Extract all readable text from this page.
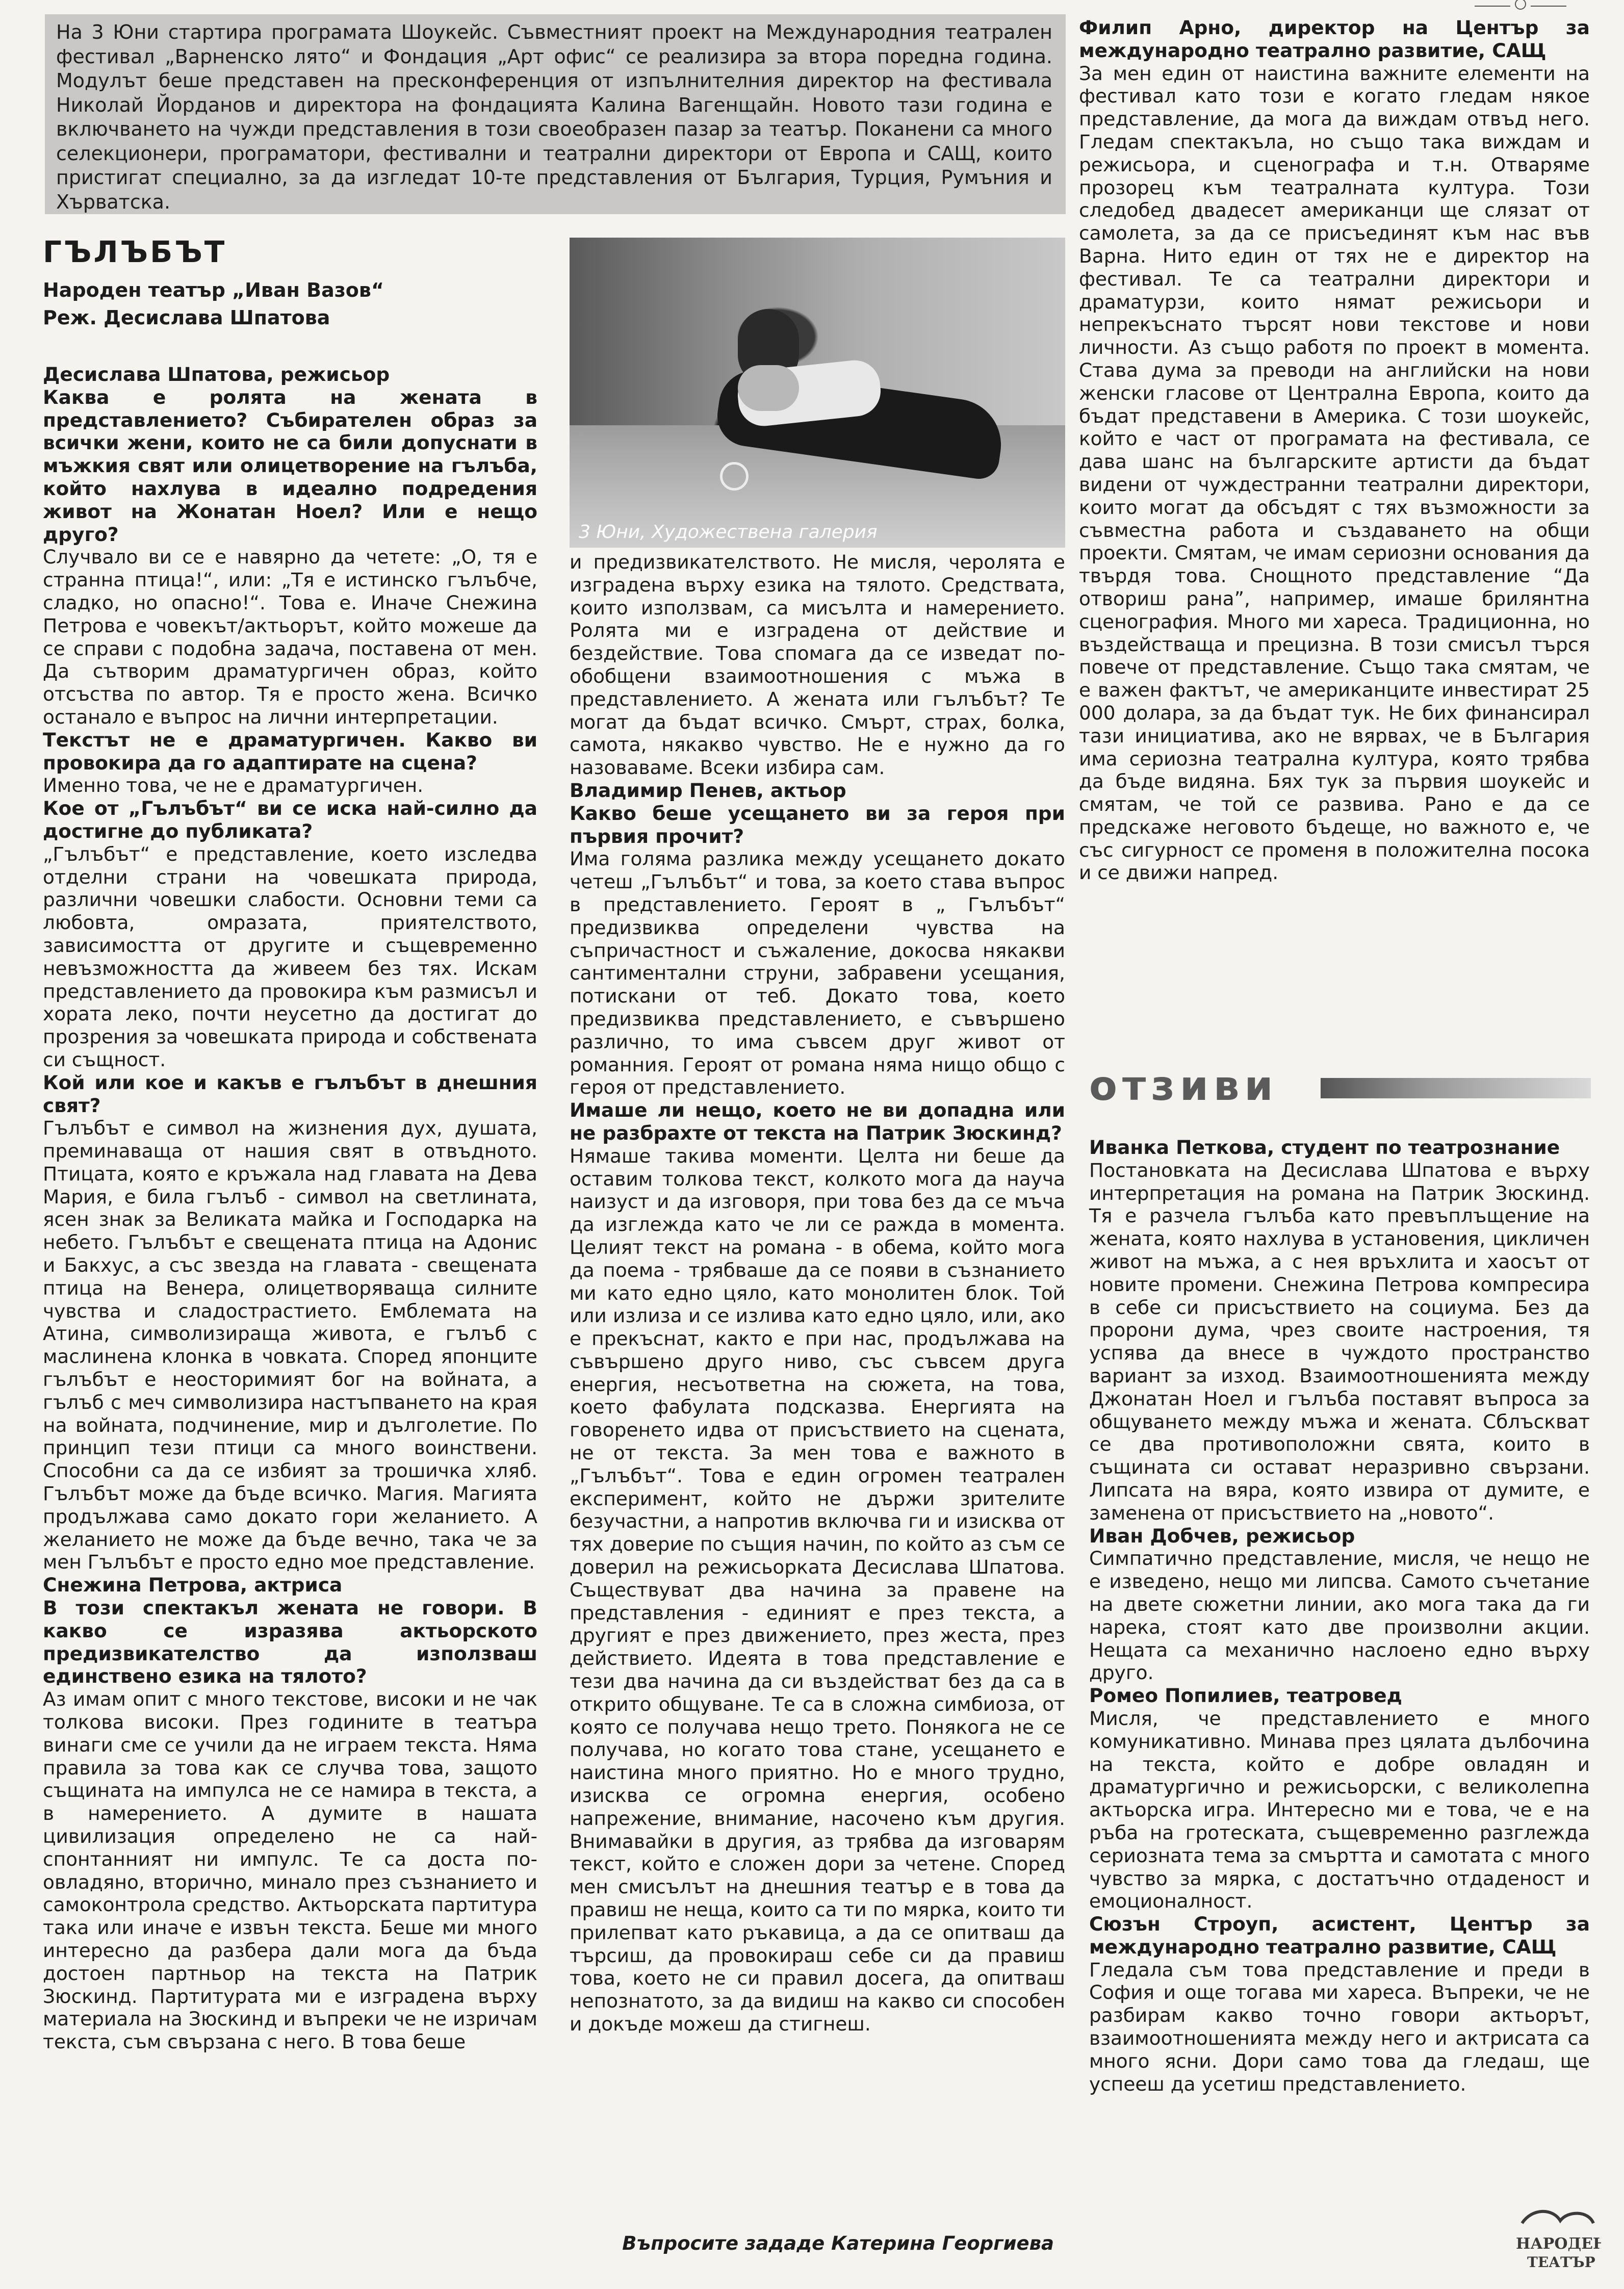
На 3 Юни стартира програмата Шоукейс. Съвместният проект на Международния театрален фестивал „Варненско лято“ и Фондация „Арт офис“ се реализира за втора поредна година. Модулът беше представен на пресконференция от изпълнителния директор на фестивала Николай Йорданов и директора на фондацията Калина Вагенщайн. Новото тази година е включването на чужди представления в този своеобразен пазар за театър. Поканени са много селекционери, програматори, фестивални и театрални директори от Европа и САЩ, които пристигат специално, за да изгледат 10-те представления от България, Турция, Румъния и Хърватска.

ГЪЛЪБЪТ
Народен театър „Иван Вазов“
Реж. Десислава Шпатова
3 Юни, Художествена галерия

Десислава Шпатова, режисьор

Каква е ролята на жената в представлението? Събирателен образ за всички жени, които не са били допуснати в мъжкия свят или олицетворение на гълъба, който нахлува в идеално подредения живот на Жонатан Ноел? Или е нещо друго?

Случвало ви се е навярно да четете: „О, тя е странна птица!“, или: „Тя е истинско гълъбче, сладко, но опасно!“. Това е. Иначе Снежина Петрова е човекът/актьорът, който можеше да се справи с подобна задача, поставена от мен. Да сътворим драматургичен образ, който отсъства по автор. Тя е просто жена. Всичко останало е въпрос на лични интерпретации.

Текстът не е драматургичен. Какво ви провокира да го адаптирате на сцена?

Именно това, че не е драматургичен.

Кое от „Гълъбът“ ви се иска най-силно да достигне до публиката?

„Гълъбът“ е представление, което изследва отделни страни на човешката природа, различни човешки слабости. Основни теми са любовта, омразата, приятелството, зависимостта от другите и същевременно невъзможността да живеем без тях. Искам представлението да провокира към размисъл и хората леко, почти неусетно да достигат до прозрения за човешката природа и собствената си същност.

Кой или кое и какъв е гълъбът в днешния свят?

Гълъбът е символ на жизнения дух, душата, преминаваща от нашия свят в отвъдното. Птицата, която е кръжала над главата на Дева Мария, е била гълъб - символ на светлината, ясен знак за Великата майка и Господарка на небето. Гълъбът е свещената птица на Адонис и Бакхус, а със звезда на главата - свещената птица на Венера, олицетворяваща силните чувства и сладострастието. Емблемата на Атина, символизираща живота, е гълъб с маслинена клонка в човката. Според японците гълъбът е неосторимият бог на войната, а гълъб с меч символизира настъпването на края на войната, подчинение, мир и дълголетие. По принцип тези птици са много воинствени. Способни са да се избият за трошичка хляб. Гълъбът може да бъде всичко. Магия. Магията продължава само докато гори желанието. А желанието не може да бъде вечно, така че за мен Гълъбът е просто едно мое представление.

Снежина Петрова, актриса

В този спектакъл жената не говори. В какво се изразява актьорското предизвикателство да използваш единствено езика на тялото?

Аз имам опит с много текстове, високи и не чак толкова високи. През годините в театъра винаги сме се учили да не играем текста. Няма правила за това как се случва това, защото същината на импулса не се намира в текста, а в намерението. А думите в нашата цивилизация определено не са най-спонтанният ни импулс. Те са доста по-овладяно, вторично, минало през съзнанието и самоконтрола средство. Актьорската партитура така или иначе е извън текста. Беше ми много интересно да разбера дали мога да бъда достоен партньор на текста на Патрик Зюскинд. Партитурата ми е изградена върху материала на Зюскинд и въпреки че не изричам текста, съм свързана с него. В това беше

и предизвикателството. Не мисля, черолята е изградена върху езика на тялото. Средствата, които използвам, са мисълта и намерението. Ролята ми е изградена от действие и бездействие. Това спомага да се изведат по-обобщени взаимоотношения с мъжа в представлението. А жената или гълъбът? Те могат да бъдат всичко. Смърт, страх, болка, самота, някакво чувство. Не е нужно да го назоваваме. Всеки избира сам.

Владимир Пенев, актьор

Какво беше усещането ви за героя при първия прочит?

Има голяма разлика между усещането докато четеш „Гълъбът“ и това, за което става въпрос в представлението. Героят в „ Гълъбът“ предизвиква определени чувства на съпричастност и съжаление, докосва някакви сантиментални струни, забравени усещания, потискани от теб. Докато това, което предизвиква представлението, е съвършено различно, то има съвсем друг живот от романния. Героят от романа няма нищо общо с героя от представлението.

Имаше ли нещо, което не ви допадна или не разбрахте от текста на Патрик Зюскинд?

Нямаше такива моменти. Целта ни беше да оставим толкова текст, колкото мога да науча наизуст и да изговоря, при това без да се мъча да изглежда като че ли се ражда в момента. Целият текст на романа - в обема, който мога да поема - трябваше да се появи в съзнанието ми като едно цяло, като монолитен блок. Той или излиза и се излива като едно цяло, или, ако е прекъснат, както е при нас, продължава на съвършено друго ниво, със съвсем друга енергия, несъответна на сюжета, на това, което фабулата подсказва. Енергията на говоренето идва от присъствието на сцената, не от текста. За мен това е важното в „Гълъбът“. Това е един огромен театрален експеримент, който не държи зрителите безучастни, а напротив включва ги и изисква от тях доверие по същия начин, по който аз съм се доверил на режисьорката Десислава Шпатова. Съществуват два начина за правене на представления - единият е през текста, а другият е през движението, през жеста, през действието. Идеята в това представление е тези два начина да си въздействат без да са в открито общуване. Те са в сложна симбиоза, от която се получава нещо трето. Понякога не се получава, но когато това стане, усещането е наистина много приятно. Но е много трудно, изисква се огромна енергия, особено напрежение, внимание, насочено към другия. Внимавайки в другия, аз трябва да изговарям текст, който е сложен дори за четене. Според мен смисълът на днешния театър е в това да правиш не неща, които са ти по мярка, които ти прилепват като ръкавица, а да се опитваш да търсиш, да провокираш себе си да правиш това, което не си правил досега, да опитваш непознатото, за да видиш на какво си способен и докъде можеш да стигнеш.

Въпросите зададе Катерина Георгиева

Филип Арно, директор на Център за международно театрално развитие, САЩ

За мен един от наистина важните елементи на фестивал като този е когато гледам някое представление, да мога да виждам отвъд него. Гледам спектакъла, но също така виждам и режисьора, и сценографа и т.н. Отваряме прозорец към театралната култура. Този следобед двадесет американци ще слязат от самолета, за да се присъединят към нас във Варна. Нито един от тях не е директор на фестивал. Те са театрални директори и драматурзи, които нямат режисьори и непрекъснато търсят нови текстове и нови личности. Аз също работя по проект в момента. Става дума за преводи на английски на нови женски гласове от Централна Европа, които да бъдат представени в Америка. С този шоукейс, който е част от програмата на фестивала, се дава шанс на българските артисти да бъдат видени от чуждестранни театрални директори, които могат да обсъдят с тях възможности за съвместна работа и създаването на общи проекти. Смятам, че имам сериозни основания да твърдя това. Снощното представление “Да отвориш рана”, например, имаше брилянтна сценография. Много ми хареса. Традиционна, но въздействаща и прецизна. В този смисъл търся повече от представление. Също така смятам, че е важен фактът, че американците инвестират 25 000 долара, за да бъдат тук. Не бих финансирал тази инициатива, ако не вярвах, че в България има сериозна театрална култура, която трябва да бъде видяна. Бях тук за първия шоукейс и смятам, че той се развива. Рано е да се предскаже неговото бъдеще, но важното е, че със сигурност се променя в положителна посока и се движи напред.

отзиви

Иванка Петкова, студент по театрознание

Постановката на Десислава Шпатова е върху интерпретация на романа на Патрик Зюскинд. Тя е разчела гълъба като превъплъщение на жената, която нахлува в установения, цикличен живот на мъжа, а с нея връхлита и хаосът от новите промени. Снежина Петрова компресира в себе си присъствието на социума. Без да пророни дума, чрез своите настроения, тя успява да внесе в чуждото пространство вариант за изход. Взаимоотношенията между Джонатан Ноел и гълъба поставят въпроса за общуването между мъжа и жената. Сблъскват се два противоположни свята, които в същината си остават неразривно свързани. Липсата на вяра, която извира от думите, е заменена от присъствието на „новото“.

Иван Добчев, режисьор

Симпатично представление, мисля, че нещо не е изведено, нещо ми липсва. Самото съчетание на двете сюжетни линии, ако мога така да ги нарека, стоят като две произволни акции. Нещата са механично наслоено едно върху друго.

Ромео Попилиев, театровед

Мисля, че представлението е много комуникативно. Минава през цялата дълбочина на текста, който е добре овладян и драматургично и режисьорски, с великолепна актьорска игра. Интересно ми е това, че е на ръба на гротеската, същевременно разглежда сериозната тема за смъртта и самотата с много чувство за мярка, с достатъчно отдаденост и емоционалност.

Сюзън Строуп, асистент, Център за международно театрално развитие, САЩ

Гледала съм това представление и преди в София и още тогава ми хареса. Въпреки, че не разбирам какво точно говори актьорът, взаимоотношенията между него и актрисата са много ясни. Дори само това да гледаш, ще успееш да усетиш представлението.

НАРОДЕН
ТЕАТЪР
